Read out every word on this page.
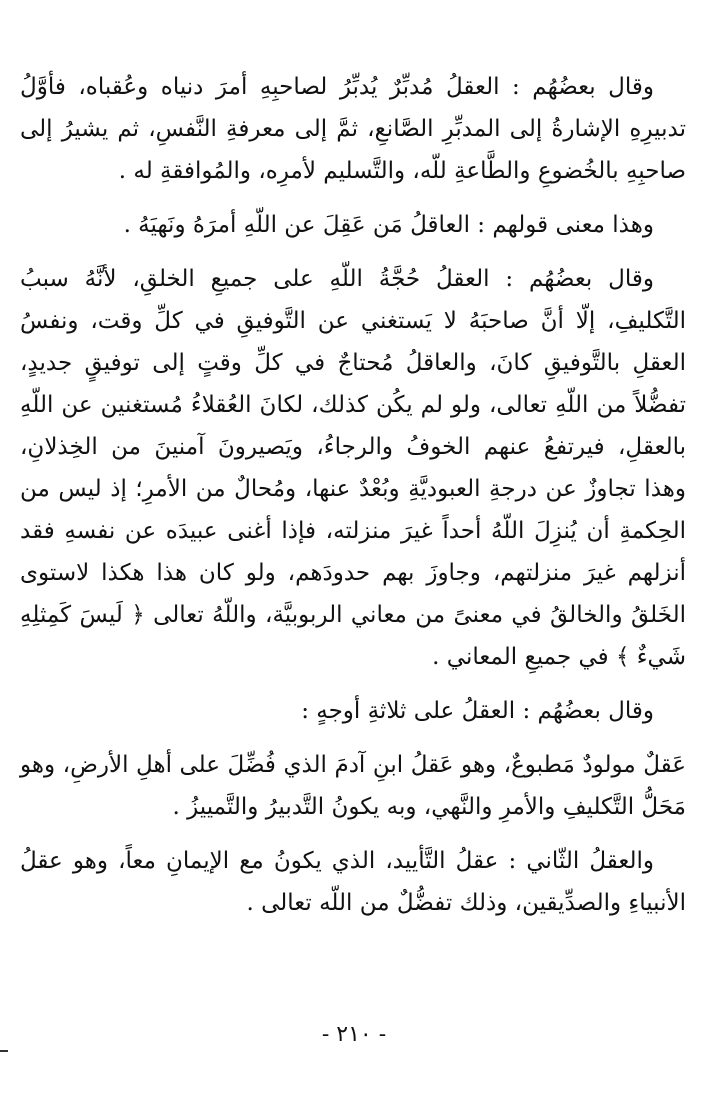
وقال بعضُهُم : العقلُ مُدبِّرٌ يُدبِّرُ لصاحبِهِ أمرَ دنياه وعُقباه، فأوَّلُ تدبيرِهِ الإشارةُ إلى المدبِّرِ الصَّانعِ، ثمَّ إلى معرفةِ النَّفسِ، ثم يشيرُ إلى صاحبِهِ بالخُضوعِ والطَّاعةِ للّه، والتَّسليم لأمرِه، والمُوافقةِ له .

وهذا معنى قولهم : العاقلُ مَن عَقِلَ عن اللّهِ أمرَهُ ونَهيَهُ .

وقال بعضُهُم : العقلُ حُجَّةُ اللّهِ على جميعِ الخلقِ، لأنَّهُ سببُ التَّكليفِ، إلّا أنَّ صاحبَهُ لا يَستغني عن التَّوفيقِ في كلِّ وقت، ونفسُ العقلِ بالتَّوفيقِ كانَ، والعاقلُ مُحتاجٌ في كلِّ وقتٍ إلى توفيقٍ جديدٍ، تفضُّلاً من اللّهِ تعالى، ولو لم يكُن كذلك، لكانَ العُقلاءُ مُستغنين عن اللّهِ بالعقلِ، فيرتفعُ عنهم الخوفُ والرجاءُ، ويَصيرونَ آمنينَ من الخِذلانِ، وهذا تجاوزٌ عن درجةِ العبوديَّةِ وبُعْدٌ عنها، ومُحالٌ من الأمرِ؛ إذ ليس من الحِكمةِ أن يُنزِلَ اللّهُ أحداً غيرَ منزلته، فإذا أغنى عبيدَه عن نفسهِ فقد أنزلهم غيرَ منزلتهم، وجاوزَ بهم حدودَهم، ولو كان هذا هكذا لاستوى الخَلقُ والخالقُ في معنىً من معاني الربوبيَّة، واللّهُ تعالى ﴿ لَيسَ كَمِثلِهِ شَيءٌ ﴾ في جميعِ المعاني .

وقال بعضُهُم : العقلُ على ثلاثةِ أوجهٍ :

عَقلٌ مولودٌ مَطبوعٌ، وهو عَقلُ ابنِ آدمَ الذي فُضِّلَ على أهلِ الأرضِ، وهو مَحَلُّ التَّكليفِ والأمرِ والنَّهي، وبه يكونُ التَّدبيرُ والتَّمييزُ .

والعقلُ الثّاني : عقلُ التَّأييد، الذي يكونُ مع الإيمانِ معاً، وهو عقلُ الأنبياءِ والصدِّيقين، وذلك تفضُّلٌ من اللّه تعالى .

- ٢١٠ -
